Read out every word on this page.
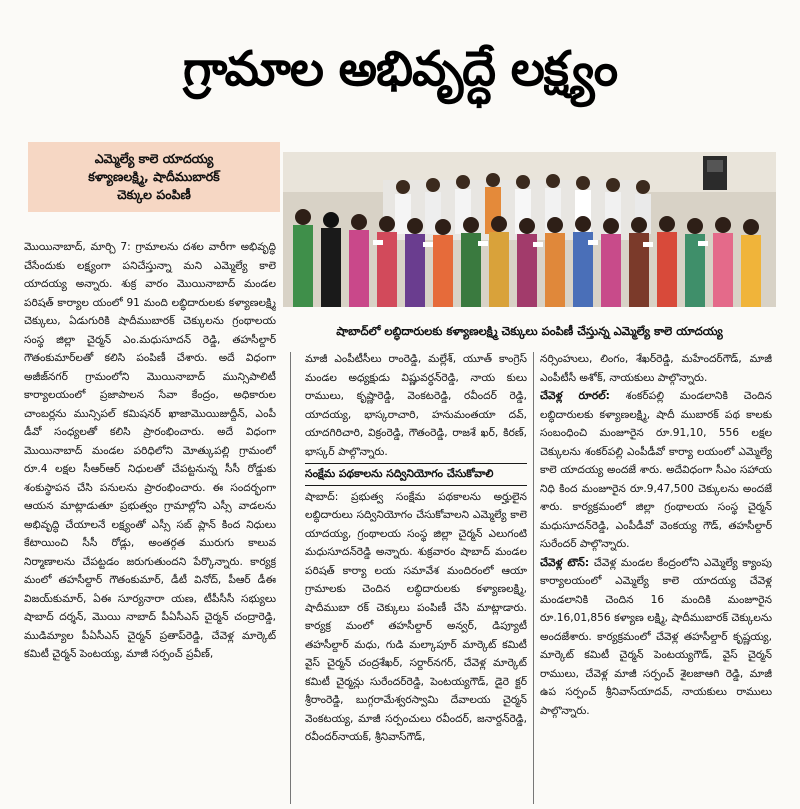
గ్రామాల అభివృద్ధే లక్ష్యం
ఎమ్మెల్యే కాలె యాదయ్య
కళ్యాణలక్ష్మి, షాదీముబారక్
చెక్కుల పంపిణీ
షాబాద్‌లో లబ్ధిదారులకు కళ్యాణలక్ష్మి చెక్కులు పంపిణీ చేస్తున్న ఎమ్మెల్యే కాలె యాదయ్య

మొయినాబాద్, మార్చి 7: గ్రామాలను దశల వారీగా అభివృద్ధి చేసేందుకు లక్ష్యంగా పనిచేస్తున్నా మని ఎమ్మెల్యే కాలె యాదయ్య అన్నారు. శుక్ర వారం మొయినాబాద్ మండల పరిషత్ కార్యాల యంలో 91 మంది లబ్ధిదారులకు కళ్యాణలక్ష్మి చెక్కులు, ఏడుగురికి షాదీముబారక్ చెక్కులను గ్రంథాలయ సంస్థ జిల్లా చైర్మన్ ఎం.మధుసూదన్ రెడ్డి, తహసీల్దార్ గౌతంకుమార్‌లతో కలిసి పంపిణీ చేశారు. అదే విధంగా అజీజ్‌నగర్ గ్రామంలోని మొయినాబాద్ మున్సిపాలిటీ కార్యాలయంలో ప్రజాపాలన సేవా కేంద్రం, అధికారుల చాంబర్లను మున్సిపల్ కమిషనర్ ఖాజామొయిజుద్దీన్, ఎంపీ డీవో సంధ్యలతో కలిసి ప్రారంభించారు. అదే విధంగా మొయినాబాద్ మండల పరిధిలోని మోత్కుపల్లి గ్రామంలో రూ.4 లక్షల సీఆర్ఆర్ నిధులతో చేపట్టనున్న సీసీ రోడ్డుకు శంకుస్థాపన చేసి పనులను ప్రారంభించారు. ఈ సందర్భంగా ఆయన మాట్లాడుతూ ప్రభుత్వం గ్రామాల్లోని ఎస్సీ వాడలను అభివృద్ధి చేయాలనే లక్ష్యంతో ఎస్సీ సబ్ ప్లాన్ కింద నిధులు కేటాయించి సీసీ రోడ్లు, అంతర్గత మురుగు కాలువ నిర్మాణాలను చేపట్టడం జరుగుతుందని పేర్కొన్నారు. కార్యక్ర మంలో తహసీల్దార్ గౌతంకుమార్, డీటీ వినోద్, పీఆర్ డీఈ విజయ్‌కుమార్, ఏఈ సూర్యనారా యణ, టీపీసీసీ సభ్యులు షాబాద్ దర్శన్, మొయి నాబాద్ పీఏసీఎస్ చైర్మన్ చంద్రారెడ్డి, ముడిమ్యాల పీఏసీఎస్ చైర్మన్ ప్రతాప్‌రెడ్డి, చేవెళ్ల మార్కెట్ కమిటీ చైర్మన్ పెంటయ్య, మాజీ సర్పంచ్ ప్రవీణ్,

మాజీ ఎంపీటీసీలు రాంరెడ్డి, మల్లేశ్, యూత్ కాంగ్రెస్ మండల అధ్యక్షుడు విష్ణువర్ధన్‌రెడ్డి, నాయ కులు రాములు, కృష్ణారెడ్డి, వెంకటరెడ్డి, రవీందర్ రెడ్డి, యాదయ్య, భాస్కరాచారి, హనుమంతయా దవ్, యాదగిరిచారి, విక్రంరెడ్డి, గౌతంరెడ్డి, రాజశే ఖర్, కిరణ్, భాస్కర్ పాల్గొన్నారు.

సంక్షేమ పథకాలను సద్వినియోగం చేసుకోవాలి

షాబాద్: ప్రభుత్వ సంక్షేమ పథకాలను అర్హులైన లబ్ధిదారులు సద్వినియోగం చేసుకోవాలని ఎమ్మెల్యే కాలె యాదయ్య, గ్రంథాలయ సంస్థ జిల్లా చైర్మన్ ఎలుగంటి మధుసూదన్‌రెడ్డి అన్నారు. శుక్రవారం షాబాద్ మండల పరిషత్ కార్యా లయ సమావేశ మందిరంలో ఆయా గ్రామాలకు చెందిన లబ్ధిదారులకు కళ్యాణలక్ష్మి, షాదీముబా రక్ చెక్కులు పంపిణీ చేసి మాట్లాడారు. కార్యక్ర మంలో తహసీల్దార్ అన్వర్, డిప్యూటీ తహసీల్దార్ మధు, గుడి మల్కాపూర్ మార్కెట్ కమిటీ వైస్ చైర్మన్ చంద్రశేఖర్, సర్దార్‌నగర్, చేవెళ్ల మార్కెట్ కమిటీ చైర్మన్లు సురేందర్‌రెడ్డి, పెంటయ్యగౌడ్, డైరె క్టర్ శ్రీరాంరెడ్డి, బుగ్గరామేశ్వరస్వామి దేవాలయ చైర్మన్ వెంకటయ్య, మాజీ సర్పంచులు రవీందర్, జనార్దన్‌రెడ్డి, రవీందర్‌నాయక్, శ్రీనివాస్‌గౌడ్,

నర్సింహులు, లింగం, శేఖర్‌రెడ్డి, మహేందర్‌గౌడ్, మాజీ ఎంపీటీసీ అశోక్, నాయకులు పాల్గొన్నారు.

చేవెళ్ల రూరల్: శంకర్‌పల్లి మండలానికి చెందిన లబ్ధిదారులకు కళ్యాణలక్ష్మి, షాదీ ముబారక్ పథ కాలకు సంబంధించి మంజూరైన రూ.91,10, 556 లక్షల చెక్కులను శంకర్‌పల్లి ఎంపీడీవో కార్యా లయంలో ఎమ్మెల్యే కాలె యాదయ్య అందజే శారు. అదేవిధంగా సీఎం సహాయ నిధి కింద మంజూరైన రూ.9,47,500 చెక్కులను అందజే శారు. కార్యక్రమంలో జిల్లా గ్రంథాలయ సంస్థ చైర్మన్ మధుసూదన్‌రెడ్డి, ఎంపీడీవో వెంకయ్య గౌడ్, తహసీల్దార్ సురేందర్ పాల్గొన్నారు.

చేవెళ్ల టౌన్: చేవెళ్ల మండల కేంద్రంలోని ఎమ్మెల్యే క్యాంపు కార్యాలయంలో ఎమ్మెల్యే కాలె యాదయ్య చేవెళ్ల మండలానికి చెందిన 16 మందికి మంజూరైన రూ.16,01,856 కళ్యాణ లక్ష్మి, షాదీముబారక్ చెక్కులను అందజేశారు. కార్యక్రమంలో చేవెళ్ల తహసీల్దార్ కృష్ణయ్య, మార్కెట్ కమిటీ చైర్మన్ పెంటయ్యగౌడ్, వైస్ చైర్మన్ రాములు, చేవెళ్ల మాజీ సర్పంచ్ శైలజాఆగి రెడ్డి, మాజీ ఉప సర్పంచ్ శ్రీనివాస్‌యాదవ్, నాయకులు రాములు పాల్గొన్నారు.
